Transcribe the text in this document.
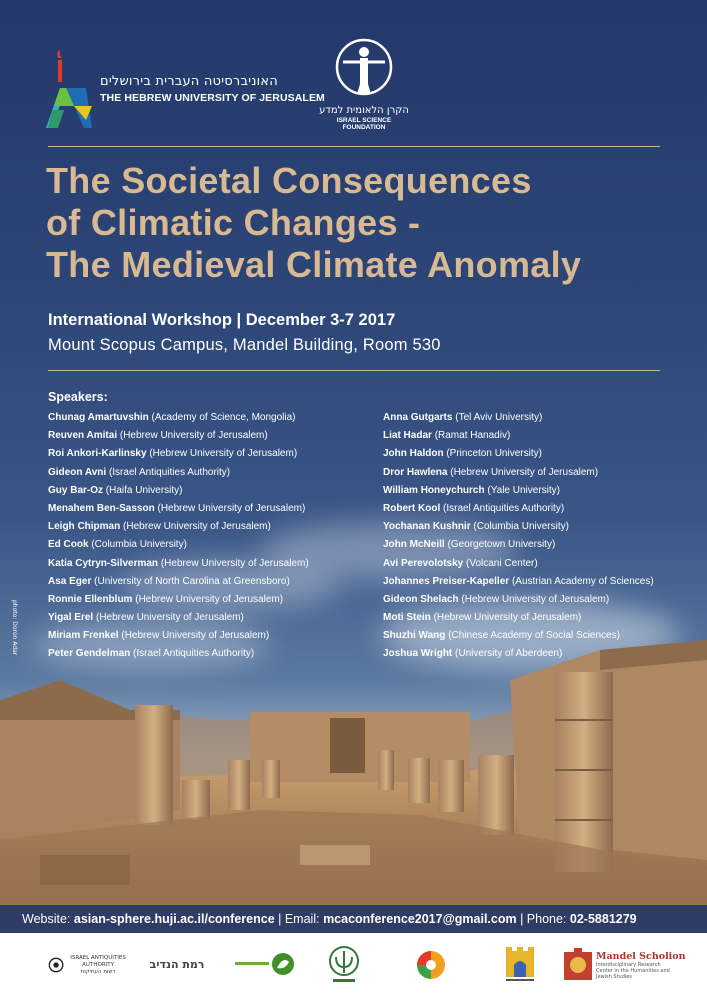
האוניברסיטה העברית בירושלים
THE HEBREW UNIVERSITY OF JERUSALEM
הקרן הלאומית למדע
ISRAEL SCIENCE FOUNDATION
The Societal Consequences
of Climatic Changes -
The Medieval Climate Anomaly
International Workshop | December 3-7 2017
Mount Scopus Campus, Mandel Building, Room 530
Speakers:
Chunag Amartuvshin (Academy of Science, Mongolia)
Reuven Amitai (Hebrew University of Jerusalem)
Roi Ankori-Karlinsky (Hebrew University of Jerusalem)
Gideon Avni (Israel Antiquities Authority)
Guy Bar-Oz (Haifa University)
Menahem Ben-Sasson (Hebrew University of Jerusalem)
Leigh Chipman (Hebrew University of Jerusalem)
Ed Cook (Columbia University)
Katia Cytryn-Silverman (Hebrew University of Jerusalem)
Asa Eger (University of North Carolina at Greensboro)
Ronnie Ellenblum (Hebrew University of Jerusalem)
Yigal Erel (Hebrew University of Jerusalem)
Miriam Frenkel (Hebrew University of Jerusalem)
Peter Gendelman (Israel Antiquities Authority)
Anna Gutgarts (Tel Aviv University)
Liat Hadar (Ramat Hanadiv)
John Haldon (Princeton University)
Dror Hawlena (Hebrew University of Jerusalem)
William Honeychurch (Yale University)
Robert Kool (Israel Antiquities Authority)
Yochanan Kushnir (Columbia University)
John McNeill (Georgetown University)
Avi Perevolotsky (Volcani Center)
Johannes Preiser-Kapeller (Austrian Academy of Sciences)
Gideon Shelach (Hebrew University of Jerusalem)
Moti Stein (Hebrew University of Jerusalem)
Shuzhi Wang (Chinese Academy of Social Sciences)
Joshua Wright (University of Aberdeen)
photo: Doron Adar
Website: asian-sphere.huji.ac.il/conference | Email: mcaconference2017@gmail.com | Phone: 02-5881279
ISRAEL ANTIQUITIES AUTHORITY
רשות העתיקות
רמת הנדיב
Mandel Scholion
Interdisciplinary Research Center in the Humanities and Jewish Studies
